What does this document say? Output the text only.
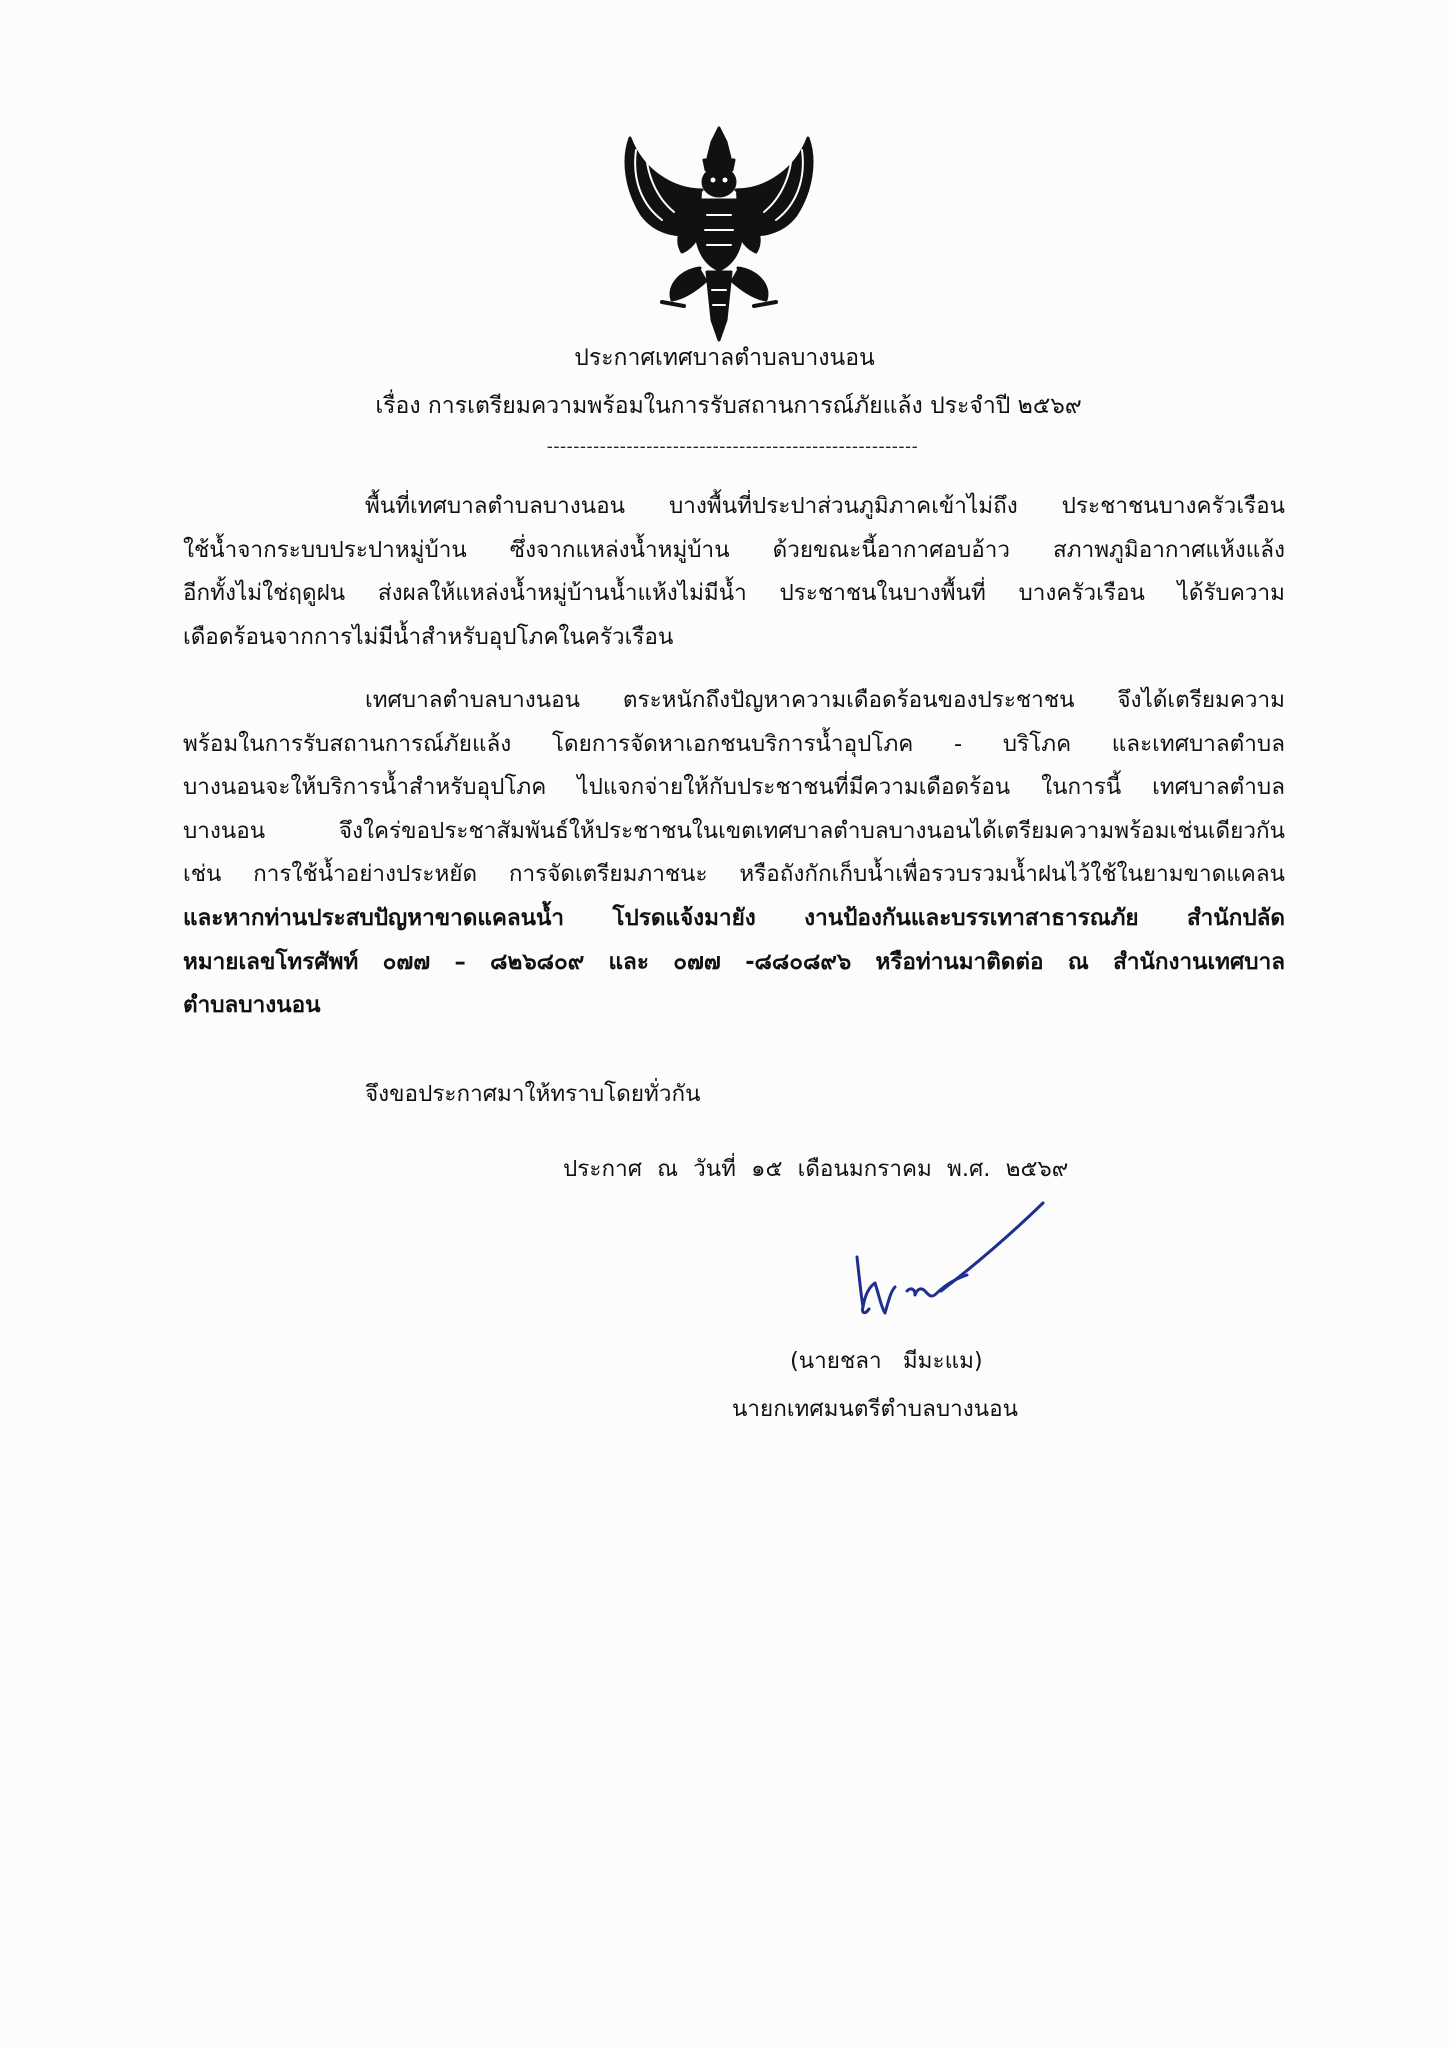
ประกาศเทศบาลตำบลบางนอน
เรื่อง การเตรียมความพร้อมในการรับสถานการณ์ภัยแล้ง ประจำปี ๒๕๖๙
--------------------------------------------------------
พื้นที่เทศบาลตำบลบางนอน บางพื้นที่ประปาส่วนภูมิภาคเข้าไม่ถึง ประชาชนบางครัวเรือน
ใช้น้ำจากระบบประปาหมู่บ้าน ซึ่งจากแหล่งน้ำหมู่บ้าน ด้วยขณะนี้อากาศอบอ้าว สภาพภูมิอากาศแห้งแล้ง
อีกทั้งไม่ใช่ฤดูฝน ส่งผลให้แหล่งน้ำหมู่บ้านน้ำแห้งไม่มีน้ำ ประชาชนในบางพื้นที่ บางครัวเรือน ได้รับความ
เดือดร้อนจากการไม่มีน้ำสำหรับอุปโภคในครัวเรือน
เทศบาลตำบลบางนอน ตระหนักถึงปัญหาความเดือดร้อนของประชาชน จึงได้เตรียมความ
พร้อมในการรับสถานการณ์ภัยแล้ง โดยการจัดหาเอกชนบริการน้ำอุปโภค - บริโภค และเทศบาลตำบล
บางนอนจะให้บริการน้ำสำหรับอุปโภค ไปแจกจ่ายให้กับประชาชนที่มีความเดือดร้อน ในการนี้ เทศบาลตำบล
บางนอน จึงใคร่ขอประชาสัมพันธ์ให้ประชาชนในเขตเทศบาลตำบลบางนอนได้เตรียมความพร้อมเช่นเดียวกัน
เช่น การใช้น้ำอย่างประหยัด การจัดเตรียมภาชนะ หรือถังกักเก็บน้ำเพื่อรวบรวมน้ำฝนไว้ใช้ในยามขาดแคลน
และหากท่านประสบปัญหาขาดแคลนน้ำ โปรดแจ้งมายัง งานป้องกันและบรรเทาสาธารณภัย สำนักปลัด
หมายเลขโทรศัพท์ ๐๗๗ – ๘๒๖๘๐๙ และ ๐๗๗ -๘๘๐๘๙๖ หรือท่านมาติดต่อ ณ สำนักงานเทศบาล
ตำบลบางนอน
จึงขอประกาศมาให้ทราบโดยทั่วกัน
ประกาศ ณ วันที่ ๑๕ เดือนมกราคม พ.ศ. ๒๕๖๙
(นายชลา มีมะแม)
นายกเทศมนตรีตำบลบางนอน
